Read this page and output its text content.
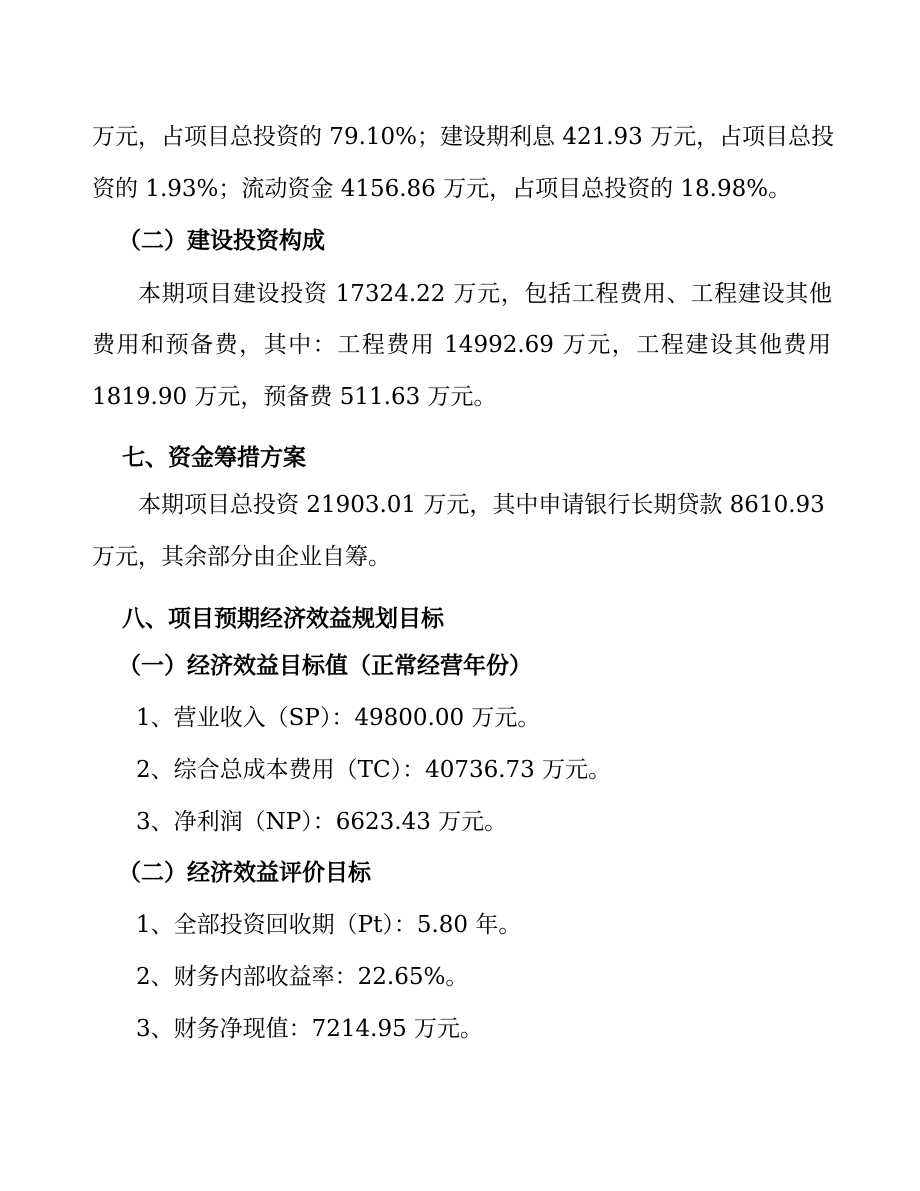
万元，占项目总投资的 79.10%；建设期利息 421.93 万元，占项目总投
资的 1.93%；流动资金 4156.86 万元，占项目总投资的 18.98%。
（二）建设投资构成
本期项目建设投资 17324.22 万元，包括工程费用、工程建设其他
费用和预备费，其中：工程费用 14992.69 万元，工程建设其他费用
1819.90 万元，预备费 511.63 万元。
七、资金筹措方案
本期项目总投资 21903.01 万元，其中申请银行长期贷款 8610.93
万元，其余部分由企业自筹。
八、项目预期经济效益规划目标
（一）经济效益目标值（正常经营年份）
1、营业收入（SP）：49800.00 万元。
2、综合总成本费用（TC）：40736.73 万元。
3、净利润（NP）：6623.43 万元。
（二）经济效益评价目标
1、全部投资回收期（Pt）：5.80 年。
2、财务内部收益率：22.65%。
3、财务净现值：7214.95 万元。
